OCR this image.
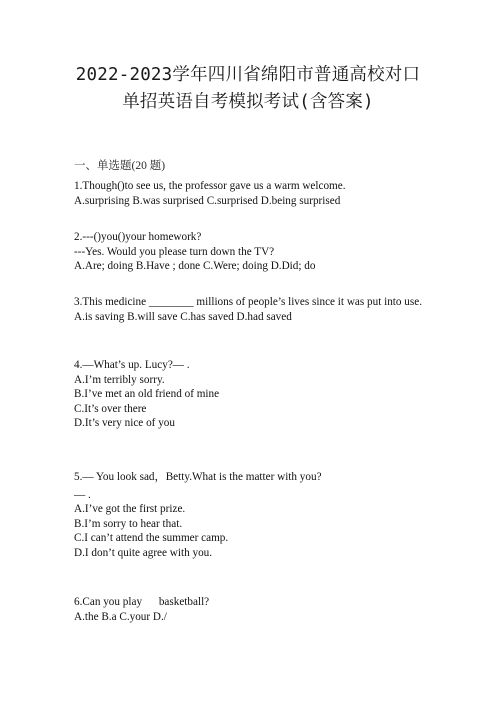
2022-2023学年四川省绵阳市普通高校对口
单招英语自考模拟考试(含答案)
一、单选题(20 题)
1.Though()to see us, the professor gave us a warm welcome.
A.surprising B.was surprised C.surprised D.being surprised
2.---()you()your homework?
---Yes. Would you please turn down the TV?
A.Are; doing B.Have ; done C.Were; doing D.Did; do
3.This medicine ________ millions of people’s lives since it was put into use.
A.is saving B.will save C.has saved D.had saved
4.—What’s up. Lucy?— .
A.I’m terribly sorry.
B.I’ve met an old friend of mine
C.It’s over there
D.It’s very nice of you
5.— You look sad，Betty.What is the matter with you?
— .
A.I’ve got the first prize.
B.I’m sorry to hear that.
C.I can’t attend the summer camp.
D.I don’t quite agree with you.
6.Can you play      basketball?
A.the B.a C.your D./
